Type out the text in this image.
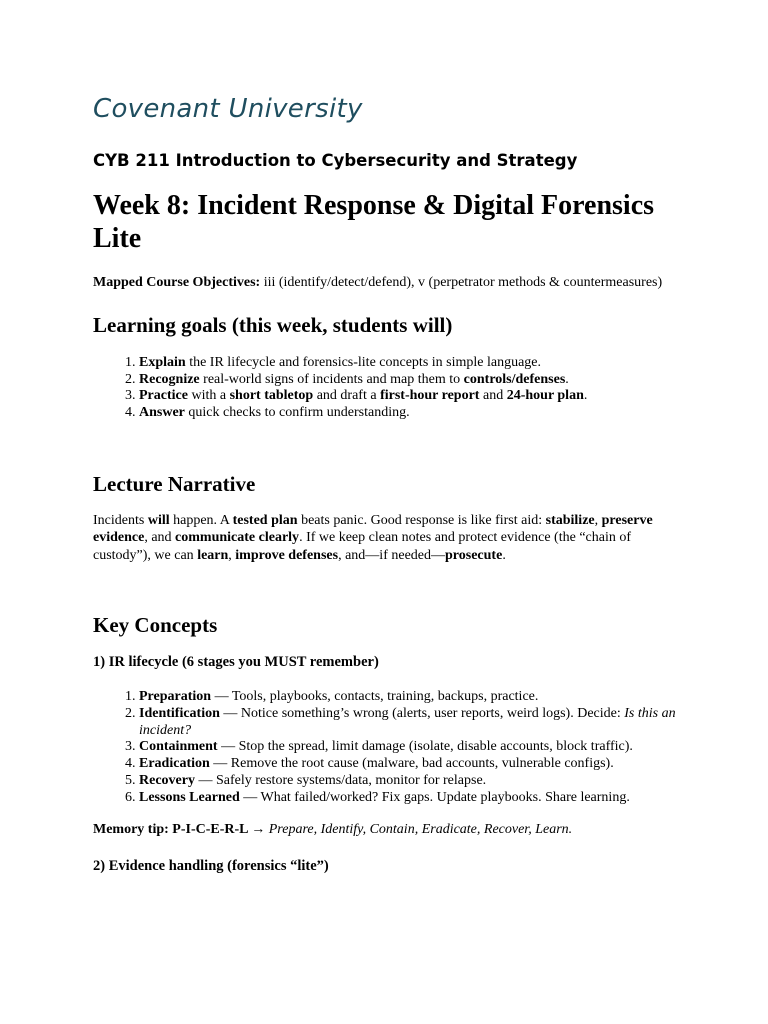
Covenant University
CYB 211 Introduction to Cybersecurity and Strategy
Week 8: Incident Response & Digital Forensics Lite

Mapped Course Objectives: iii (identify/detect/defend), v (perpetrator methods & countermeasures)

Learning goals (this week, students will)
1. Explain the IR lifecycle and forensics-lite concepts in simple language.
2. Recognize real-world signs of incidents and map them to controls/defenses.
3. Practice with a short tabletop and draft a first-hour report and 24-hour plan.
4. Answer quick checks to confirm understanding.
Lecture Narrative

Incidents will happen. A tested plan beats panic. Good response is like first aid: stabilize, preserve evidence, and communicate clearly. If we keep clean notes and protect evidence (the “chain of custody”), we can learn, improve defenses, and—if needed—prosecute.

Key Concepts
1) IR lifecycle (6 stages you MUST remember)
1. Preparation — Tools, playbooks, contacts, training, backups, practice.
2. Identification — Notice something’s wrong (alerts, user reports, weird logs). Decide: Is this an incident?
3. Containment — Stop the spread, limit damage (isolate, disable accounts, block traffic).
4. Eradication — Remove the root cause (malware, bad accounts, vulnerable configs).
5. Recovery — Safely restore systems/data, monitor for relapse.
6. Lessons Learned — What failed/worked? Fix gaps. Update playbooks. Share learning.

Memory tip: P-I-C-E-R-L → Prepare, Identify, Contain, Eradicate, Recover, Learn.

2) Evidence handling (forensics “lite”)
